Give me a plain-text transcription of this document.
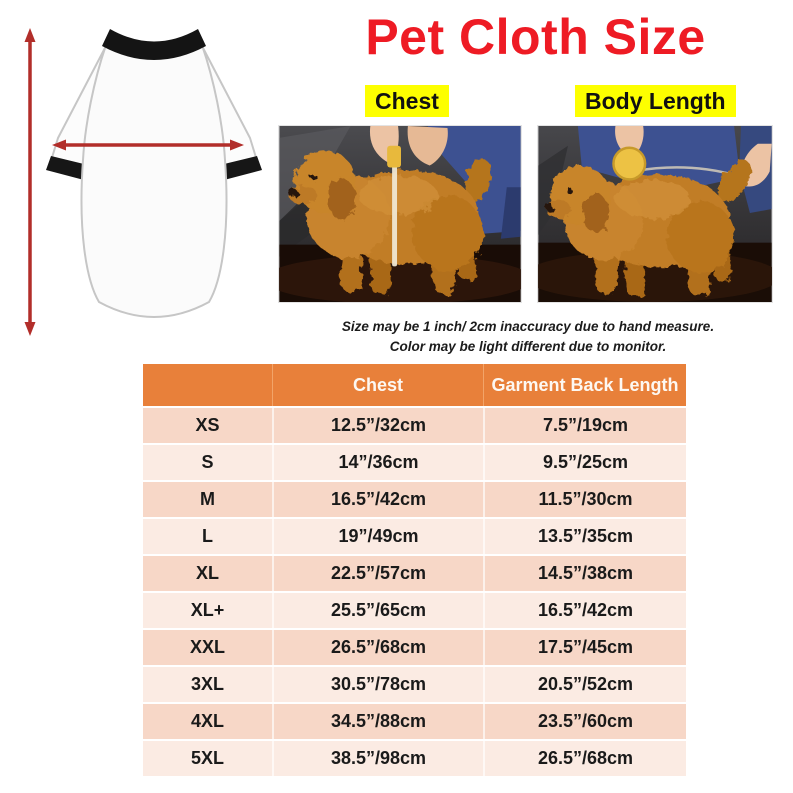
Pet Cloth Size
Chest	Body Length
Size may be 1 inch/ 2cm inaccuracy due to hand measure.
Color may be light different due to monitor.
	Chest	Garment Back Length
XS	12.5”/32cm	7.5”/19cm
S	14”/36cm	9.5”/25cm
M	16.5”/42cm	11.5”/30cm
L	19”/49cm	13.5”/35cm
XL	22.5”/57cm	14.5”/38cm
XL+	25.5”/65cm	16.5”/42cm
XXL	26.5”/68cm	17.5”/45cm
3XL	30.5”/78cm	20.5”/52cm
4XL	34.5”/88cm	23.5”/60cm
5XL	38.5”/98cm	26.5”/68cm
